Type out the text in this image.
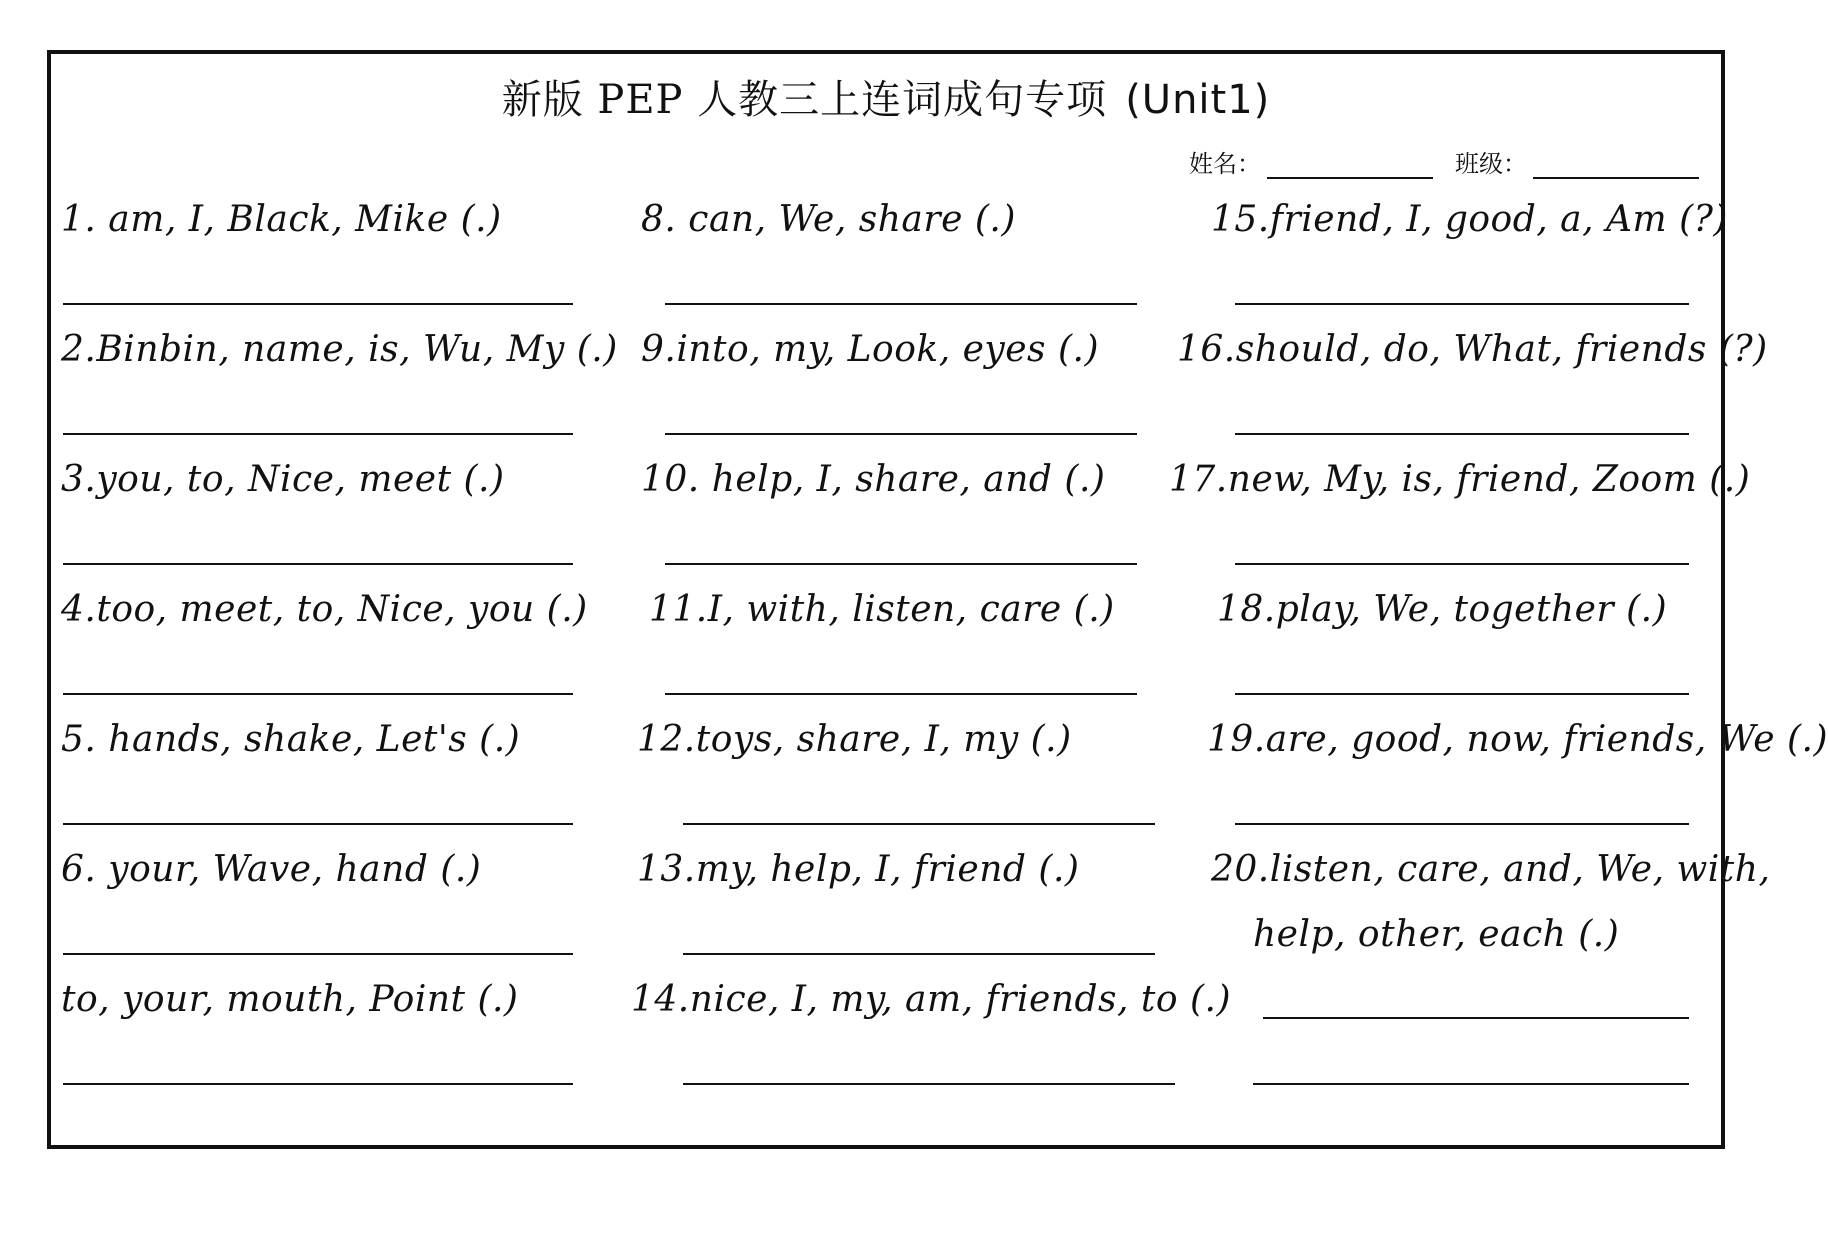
新版 PEP 人教三上连词成句专项 (Unit1)
姓名：	班级：
1. am, I, Black, Mike (.)
2.Binbin, name, is, Wu, My (.)
3.you, to, Nice, meet (.)
4.too, meet, to, Nice, you (.)
5. hands, shake, Let's (.)
6. your, Wave, hand (.)
to, your, mouth, Point (.)
8. can, We, share (.)
9.into, my, Look, eyes (.)
10. help, I, share, and (.)
11.I, with, listen, care (.)
12.toys, share, I, my (.)
13.my, help, I, friend (.)
14.nice, I, my, am, friends, to (.)
15.friend, I, good, a, Am (?)
16.should, do, What, friends (?)
17.new, My, is, friend, Zoom (.)
18.play, We, together (.)
19.are, good, now, friends, We (.)
20.listen, care, and, We, with,
help, other, each (.)
